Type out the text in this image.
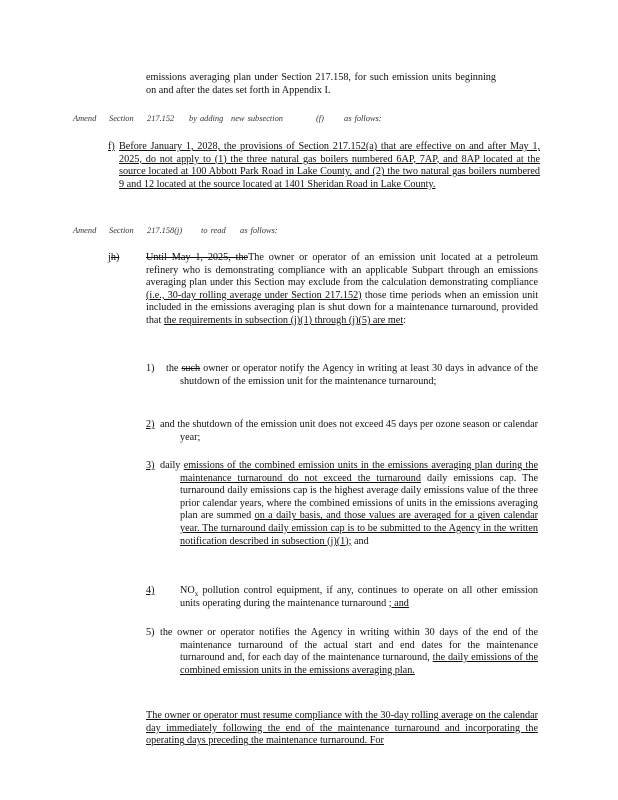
emissions averaging plan under Section 217.158, for such emission units beginning on and after the dates set forth in Appendix I.

Amend Section 217.152 by adding new subsection	(f) as follows:
f) Before January 1, 2028, the provisions of Section 217.152(a) that are effective on and after May 1, 2025, do not apply to (1) the three natural gas boilers numbered 6AP, 7AP, and 8AP located at the source located at 100 Abbott Park Road in Lake County, and (2) the two natural gas boilers numbered 9 and 12 located at the source located at 1401 Sheridan Road in Lake County.

Amend Section 217.158(j) to read as follows:
jh)	Until May 1, 2025, theThe owner or operator of an emission unit located at a petroleum refinery who is demonstrating compliance with an applicable Subpart through an emissions averaging plan under this Section may exclude from the calculation demonstrating compliance (i.e., 30-day rolling average under Section 217.152) those time periods when an emission unit included in the emissions averaging plan is shut down for a maintenance turnaround, provided that the requirements in subsection (j)(1) through (j)(5) are met:

1) the such owner or operator notify the Agency in writing at least 30 days in advance of the shutdown of the emission unit for the maintenance turnaround;

2) and the shutdown of the emission unit does not exceed 45 days per ozone season or calendar year;

3) daily emissions of the combined emission units in the emissions averaging plan during the maintenance turnaround do not exceed the turnaround daily emissions cap. The turnaround daily emissions cap is the highest average daily emissions value of the three prior calendar years, where the combined emissions of units in the emissions averaging plan are summed on a daily basis, and those values are averaged for a given calendar year. The turnaround daily emission cap is to be submitted to the Agency in the written notification described in subsection (j)(1); and

4)	$NO_x$ pollution control equipment, if any, continues to operate on all other emission units operating during the maintenance turnaround ; and

5) the owner or operator notifies the Agency in writing within 30 days of the end of the maintenance turnaround of the actual start and end dates for the maintenance turnaround and, for each day of the maintenance turnaround, the daily emissions of the combined emission units in the emissions averaging plan.

The owner or operator must resume compliance with the 30-day rolling average on the calendar day immediately following the end of the maintenance turnaround and incorporating the operating days preceding the maintenance turnaround. For
